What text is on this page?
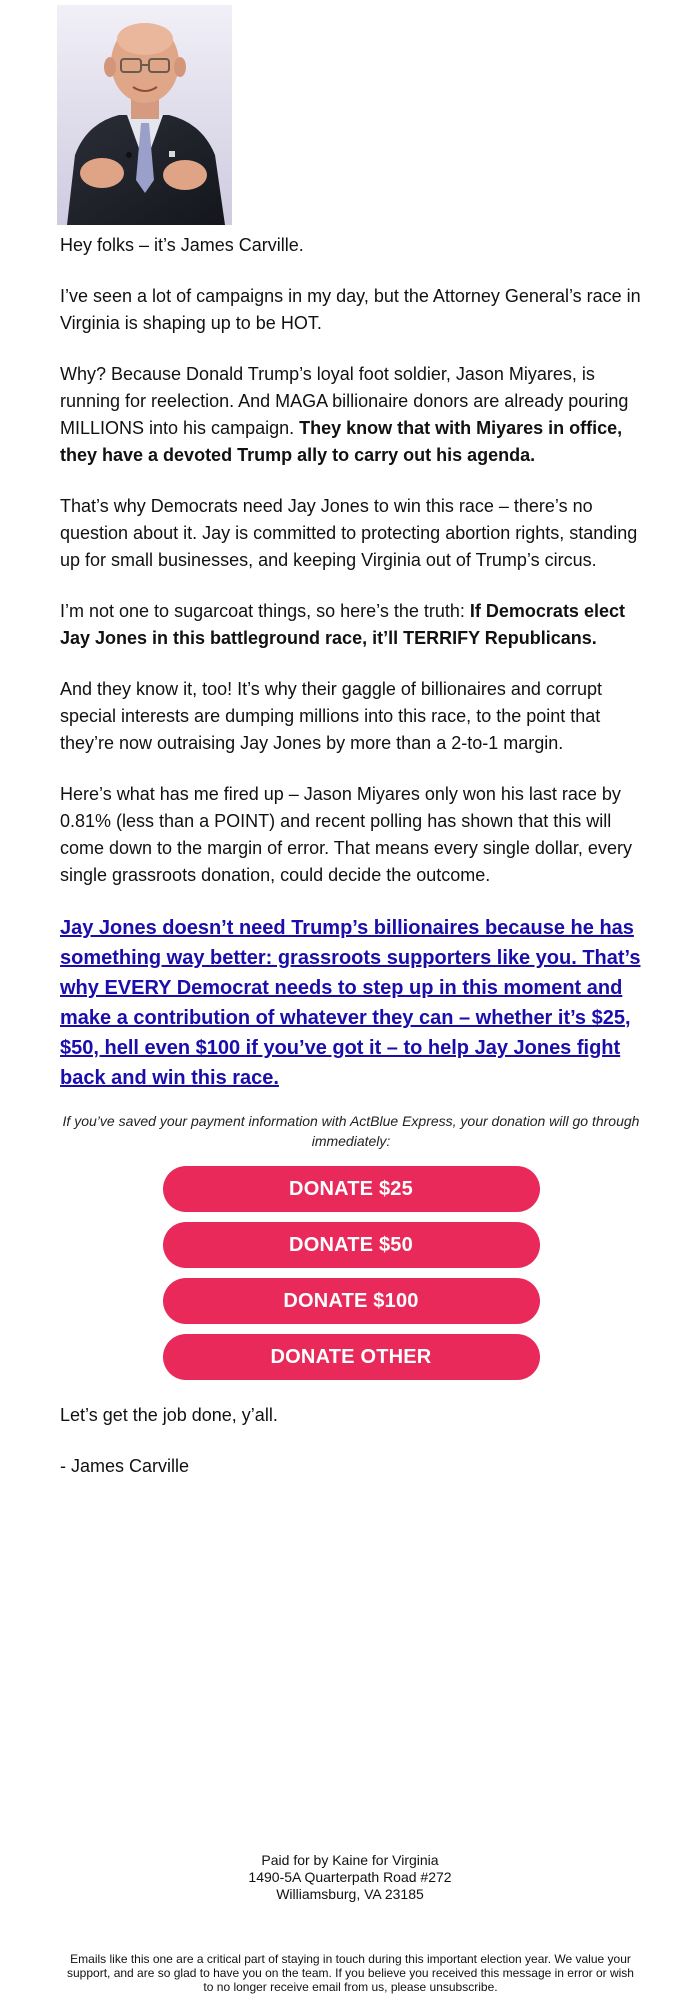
Hey folks – it’s James Carville.

I’ve seen a lot of campaigns in my day, but the Attorney General’s race in Virginia is shaping up to be HOT.

Why? Because Donald Trump’s loyal foot soldier, Jason Miyares, is running for reelection. And MAGA billionaire donors are already pouring MILLIONS into his campaign. They know that with Miyares in office, they have a devoted Trump ally to carry out his agenda.

That’s why Democrats need Jay Jones to win this race – there’s no question about it. Jay is committed to protecting abortion rights, standing up for small businesses, and keeping Virginia out of Trump’s circus.

I’m not one to sugarcoat things, so here’s the truth: If Democrats elect Jay Jones in this battleground race, it’ll TERRIFY Republicans.

And they know it, too! It’s why their gaggle of billionaires and corrupt special interests are dumping millions into this race, to the point that they’re now outraising Jay Jones by more than a 2-to-1 margin.

Here’s what has me fired up – Jason Miyares only won his last race by 0.81% (less than a POINT) and recent polling has shown that this will come down to the margin of error. That means every single dollar, every single grassroots donation, could decide the outcome.

Jay Jones doesn’t need Trump’s billionaires because he has something way better: grassroots supporters like you. That’s why EVERY Democrat needs to step up in this moment and make a contribution of whatever they can – whether it’s $25, $50, hell even $100 if you’ve got it – to help Jay Jones fight back and win this race.
If you’ve saved your payment information with ActBlue Express, your donation will go through immediately:
DONATE $25
DONATE $50
DONATE $100
DONATE OTHER

Let’s get the job done, y’all.

- James Carville

Paid for by Kaine for Virginia
1490-5A Quarterpath Road #272
Williamsburg, VA 23185
Emails like this one are a critical part of staying in touch during this important election year. We value your support, and are so glad to have you on the team. If you believe you received this message in error or wish to no longer receive email from us, please unsubscribe.
